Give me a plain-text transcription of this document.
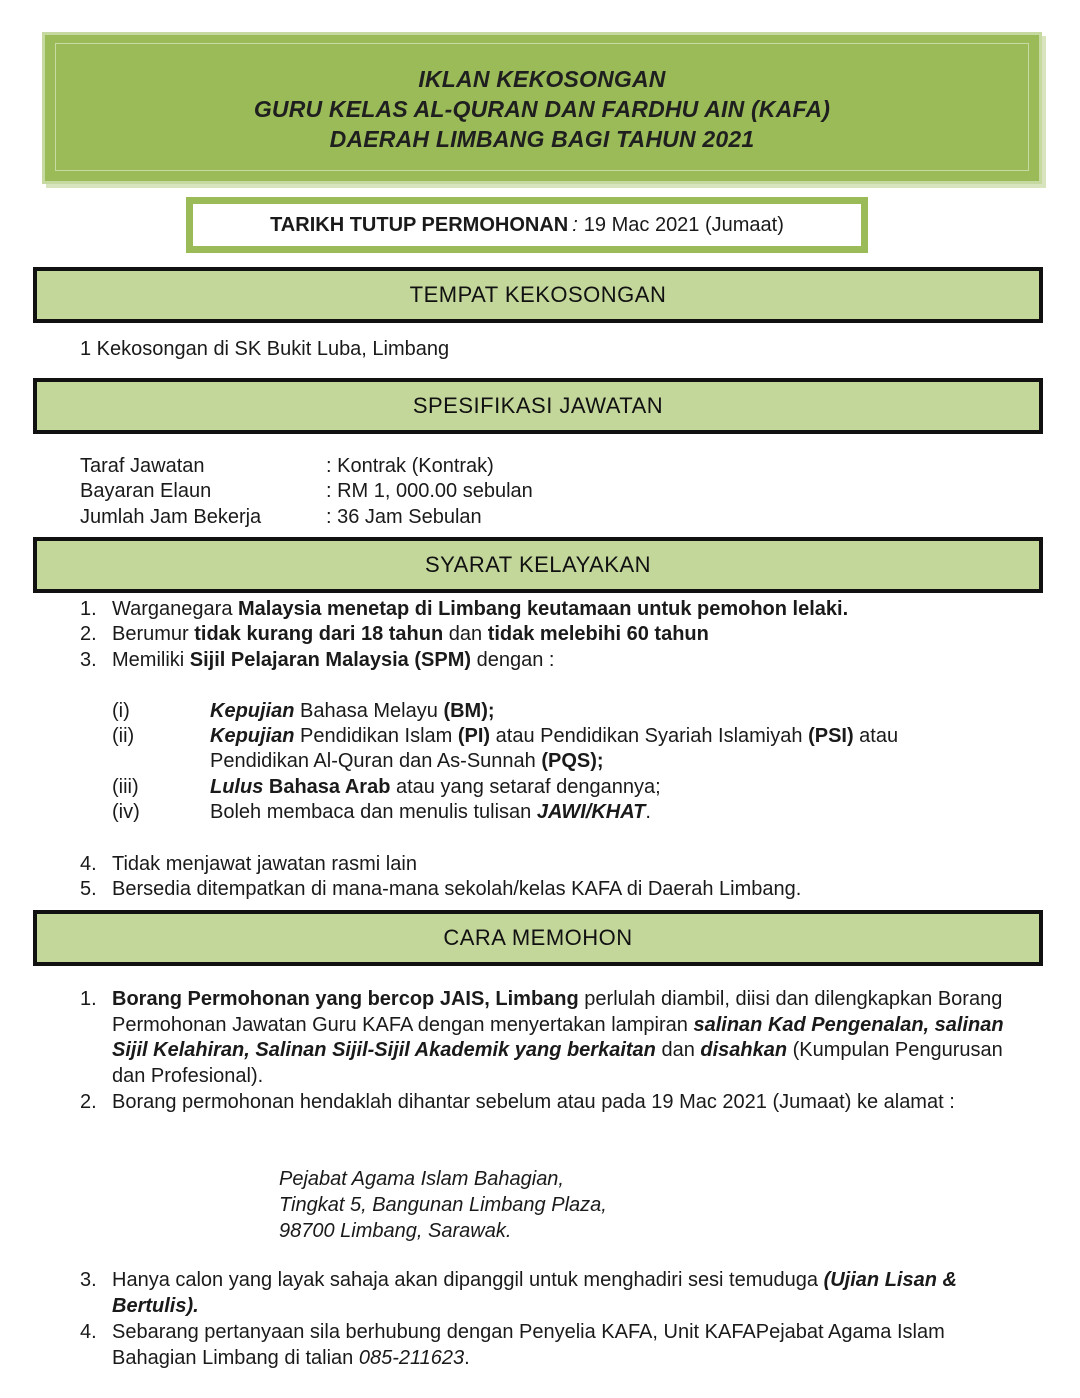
IKLAN KEKOSONGAN
GURU KELAS AL-QURAN DAN FARDHU AIN (KAFA)
DAERAH LIMBANG BAGI TAHUN 2021
TARIKH TUTUP PERMOHONAN : 19 Mac 2021 (Jumaat)
TEMPAT KEKOSONGAN
1 Kekosongan di SK Bukit Luba, Limbang
SPESIFIKASI JAWATAN
Taraf Jawatan	: Kontrak (Kontrak)
Bayaran Elaun	: RM 1, 000.00 sebulan
Jumlah Jam Bekerja	: 36 Jam Sebulan
SYARAT KELAYAKAN
1. Warganegara Malaysia menetap di Limbang keutamaan untuk pemohon lelaki.
2. Berumur tidak kurang dari 18 tahun dan tidak melebihi 60 tahun
3. Memiliki Sijil Pelajaran Malaysia (SPM) dengan :
(i)	Kepujian Bahasa Melayu (BM);
(ii)	Kepujian Pendidikan Islam (PI) atau Pendidikan Syariah Islamiyah (PSI) atau Pendidikan Al-Quran dan As-Sunnah (PQS);
(iii)	Lulus Bahasa Arab atau yang setaraf dengannya;
(iv)	Boleh membaca dan menulis tulisan JAWI/KHAT.
4. Tidak menjawat jawatan rasmi lain
5. Bersedia ditempatkan di mana-mana sekolah/kelas KAFA di Daerah Limbang.
CARA MEMOHON
1. Borang Permohonan yang bercop JAIS, Limbang perlulah diambil, diisi dan dilengkapkan Borang Permohonan Jawatan Guru KAFA dengan menyertakan lampiran salinan Kad Pengenalan, salinan Sijil Kelahiran, Salinan Sijil-Sijil Akademik yang berkaitan dan disahkan (Kumpulan Pengurusan dan Profesional).
2. Borang permohonan hendaklah dihantar sebelum atau pada 19 Mac 2021 (Jumaat) ke alamat :
Pejabat Agama Islam Bahagian,
Tingkat 5, Bangunan Limbang Plaza,
98700 Limbang, Sarawak.
3. Hanya calon yang layak sahaja akan dipanggil untuk menghadiri sesi temuduga (Ujian Lisan & Bertulis).
4. Sebarang pertanyaan sila berhubung dengan Penyelia KAFA, Unit KAFAPejabat Agama Islam Bahagian Limbang di talian 085-211623.
